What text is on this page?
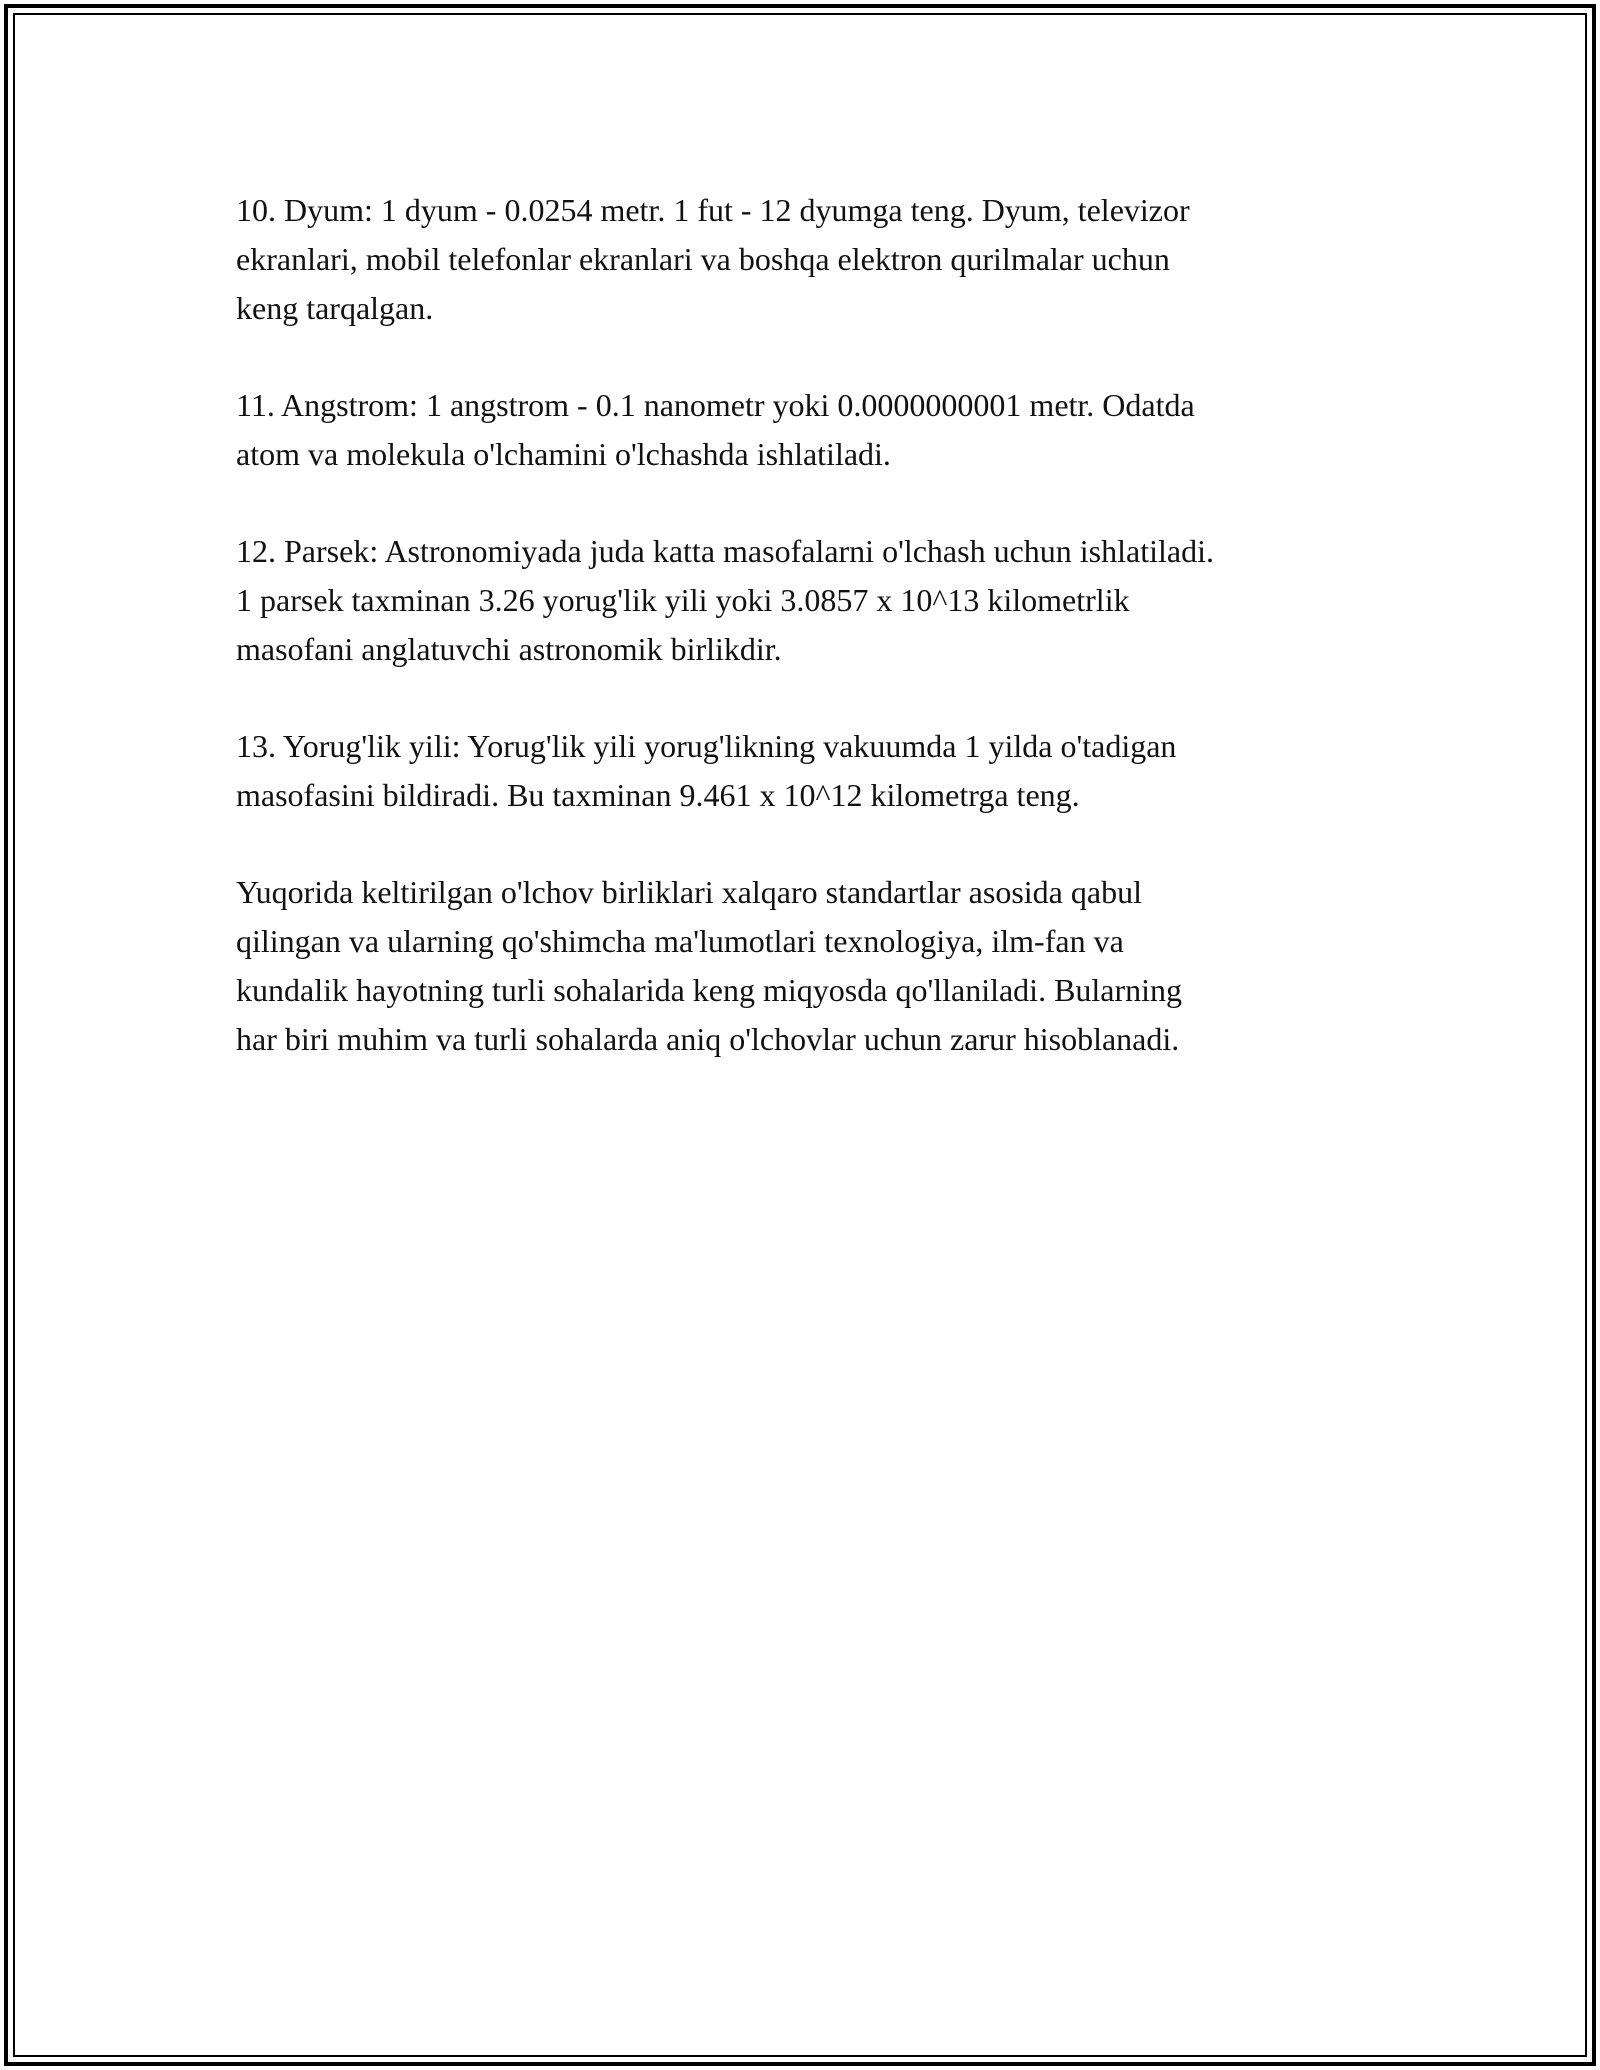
10. Dyum: 1 dyum - 0.0254 metr. 1 fut - 12 dyumga teng. Dyum, televizor
ekranlari, mobil telefonlar ekranlari va boshqa elektron qurilmalar uchun
keng tarqalgan.

11. Angstrom: 1 angstrom - 0.1 nanometr yoki 0.0000000001 metr. Odatda
atom va molekula o'lchamini o'lchashda ishlatiladi.

12. Parsek: Astronomiyada juda katta masofalarni o'lchash uchun ishlatiladi.
1 parsek taxminan 3.26 yorug'lik yili yoki 3.0857 x 10^13 kilometrlik
masofani anglatuvchi astronomik birlikdir.

13. Yorug'lik yili: Yorug'lik yili yorug'likning vakuumda 1 yilda o'tadigan
masofasini bildiradi. Bu taxminan 9.461 x 10^12 kilometrga teng.

Yuqorida keltirilgan o'lchov birliklari xalqaro standartlar asosida qabul
qilingan va ularning qo'shimcha ma'lumotlari texnologiya, ilm-fan va
kundalik hayotning turli sohalarida keng miqyosda qo'llaniladi. Bularning
har biri muhim va turli sohalarda aniq o'lchovlar uchun zarur hisoblanadi.
